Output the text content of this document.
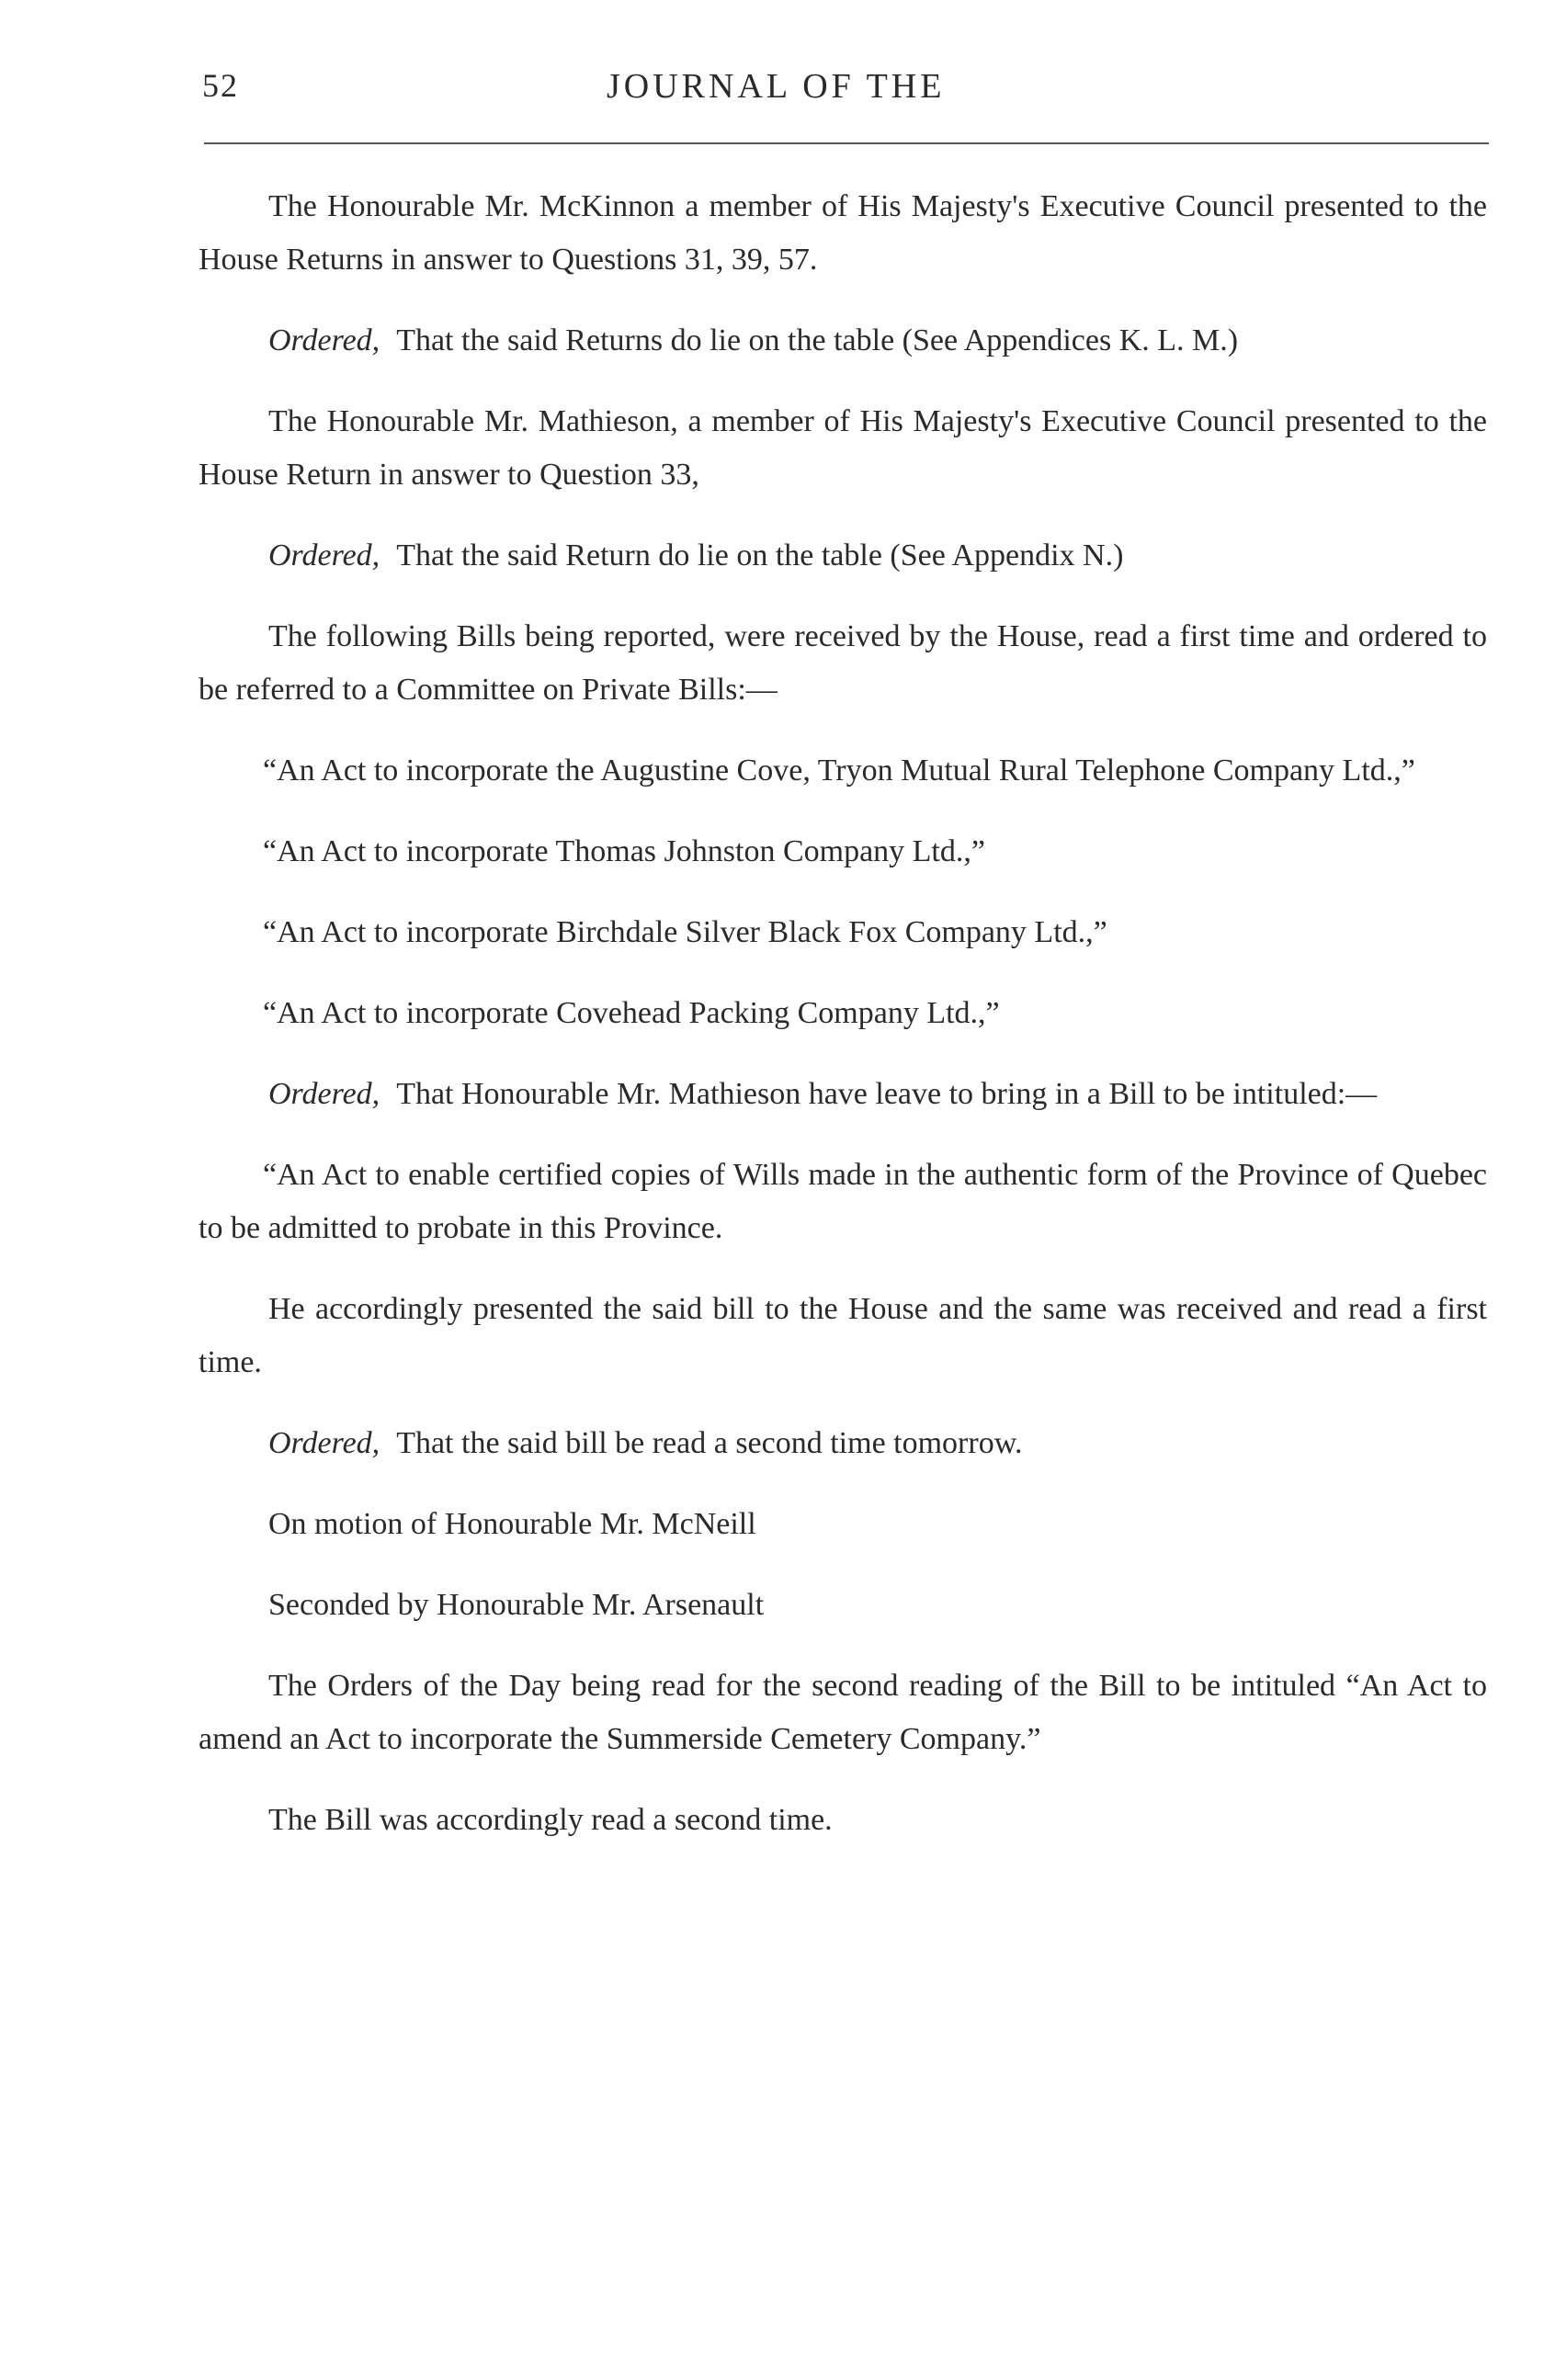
52	JOURNAL OF THE

The Honourable Mr. McKinnon a member of His Majesty's Executive Council presented to the House Returns in answer to Questions 31, 39, 57.

Ordered, That the said Returns do lie on the table (See Appendices K. L. M.)

The Honourable Mr. Mathieson, a member of His Majesty's Executive Council presented to the House Return in answer to Question 33,

Ordered, That the said Return do lie on the table (See Appendix N.)

The following Bills being reported, were received by the House, read a first time and ordered to be referred to a Committee on Private Bills:—

“An Act to incorporate the Augustine Cove, Tryon Mutual Rural Telephone Company Ltd.,”

“An Act to incorporate Thomas Johnston Company Ltd.,”

“An Act to incorporate Birchdale Silver Black Fox Company Ltd.,”

“An Act to incorporate Covehead Packing Company Ltd.,”

Ordered, That Honourable Mr. Mathieson have leave to bring in a Bill to be intituled:—

“An Act to enable certified copies of Wills made in the authentic form of the Province of Quebec to be admitted to probate in this Province.

He accordingly presented the said bill to the House and the same was received and read a first time.

Ordered, That the said bill be read a second time tomorrow.

On motion of Honourable Mr. McNeill

Seconded by Honourable Mr. Arsenault

The Orders of the Day being read for the second reading of the Bill to be intituled “An Act to amend an Act to incorporate the Summerside Cemetery Company.”

The Bill was accordingly read a second time.
